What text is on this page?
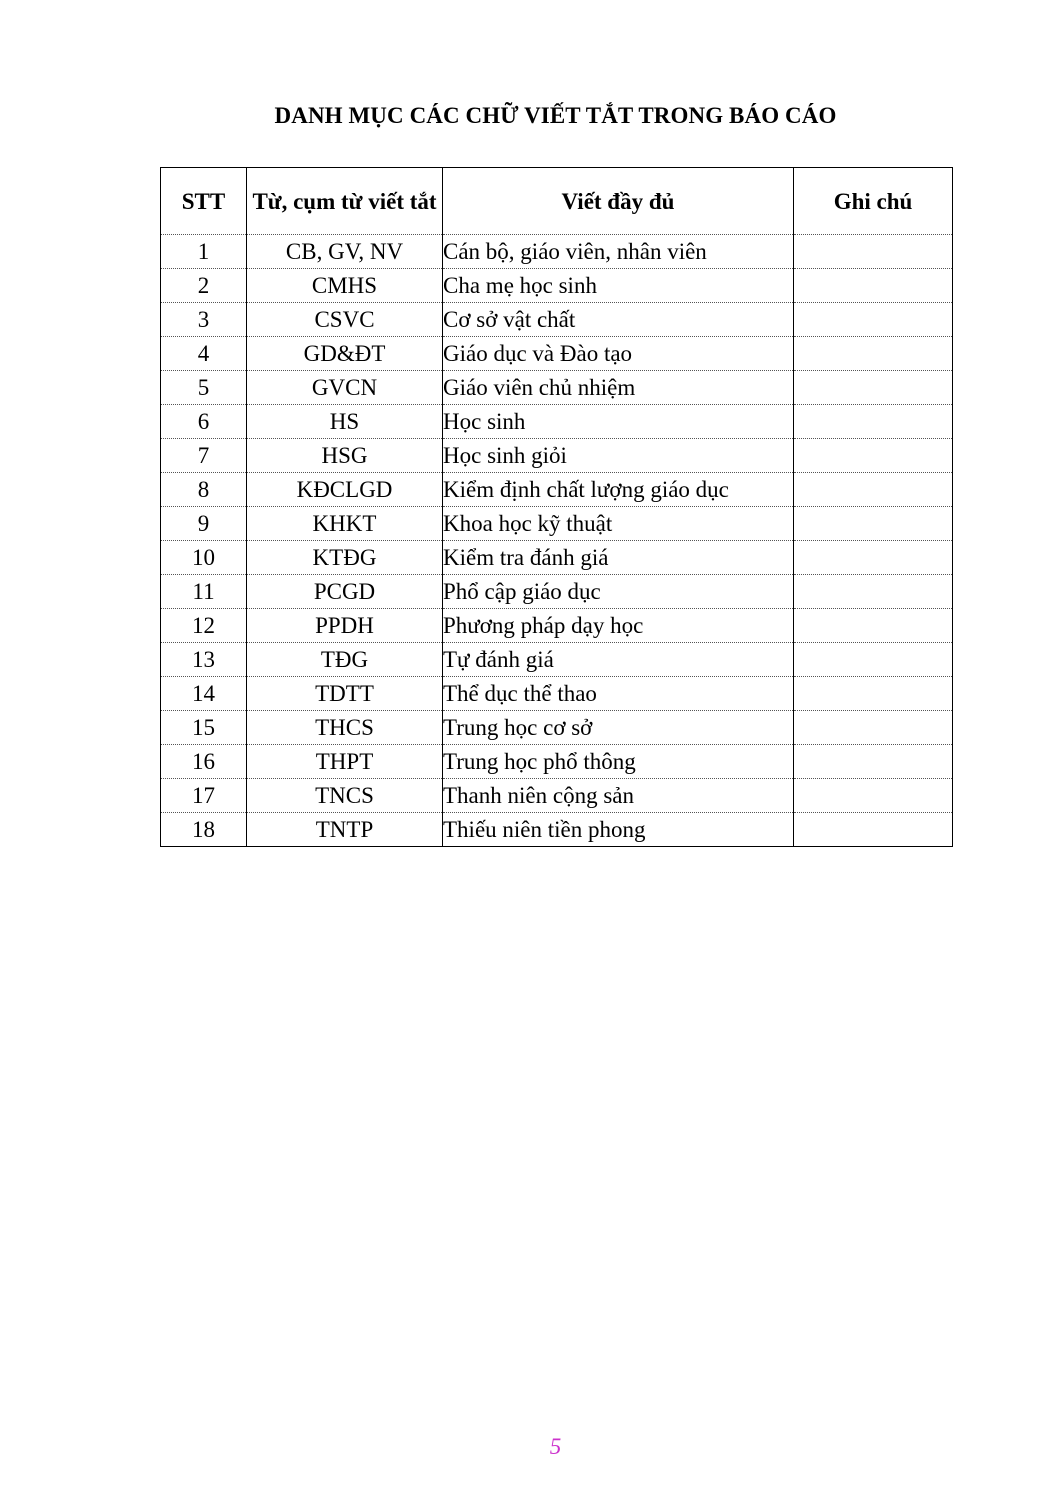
DANH MỤC CÁC CHỮ VIẾT TẮT TRONG BÁO CÁO
STT	Từ, cụm từ viết tắt	Viết đầy đủ	Ghi chú
1	CB, GV, NV	Cán bộ, giáo viên, nhân viên	
2	CMHS	Cha mẹ học sinh	
3	CSVC	Cơ sở vật chất	
4	GD&ĐT	Giáo dục và Đào tạo	
5	GVCN	Giáo viên chủ nhiệm	
6	HS	Học sinh	
7	HSG	Học sinh giỏi	
8	KĐCLGD	Kiểm định chất lượng giáo dục	
9	KHKT	Khoa học kỹ thuật	
10	KTĐG	Kiểm tra đánh giá	
11	PCGD	Phổ cập giáo dục	
12	PPDH	Phương pháp dạy học	
13	TĐG	Tự đánh giá	
14	TDTT	Thể dục thể thao	
15	THCS	Trung học cơ sở	
16	THPT	Trung học phổ thông	
17	TNCS	Thanh niên cộng sản	
18	TNTP	Thiếu niên tiền phong	
5
